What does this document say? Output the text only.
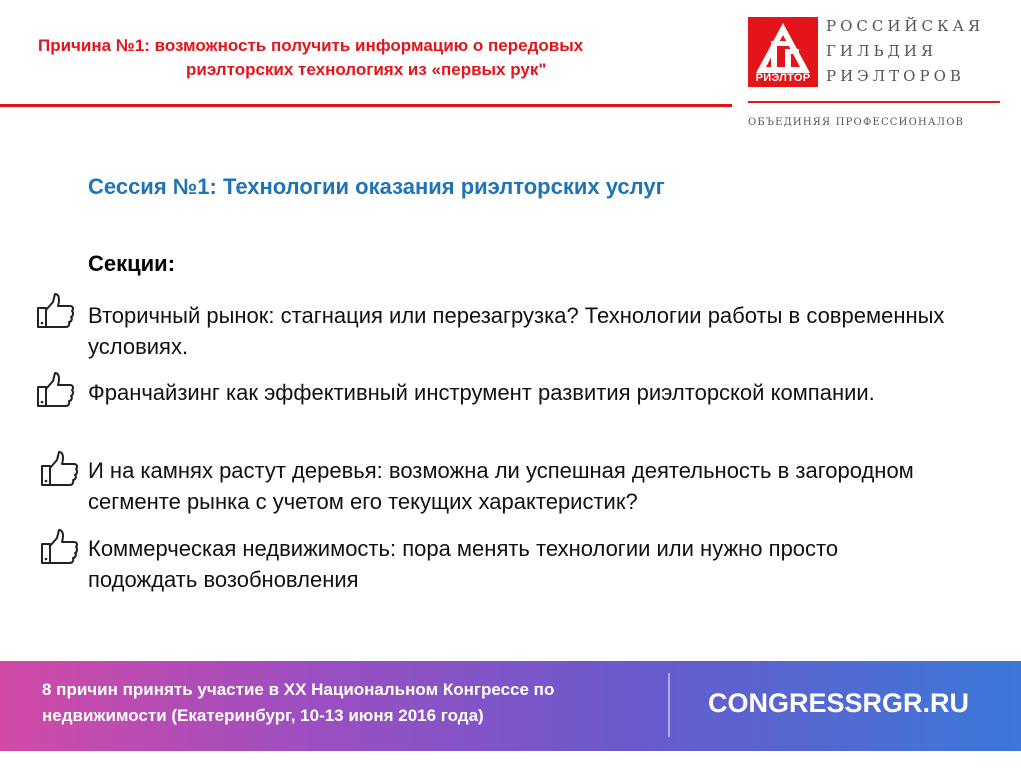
Причина №1: возможность получить информацию о передовых
риэлторских технологиях из «первых рук"	РИЭЛТОР
РОССИЙСКАЯ
ГИЛЬДИЯ
РИЭЛТОРОВ
ОБЪЕДИНЯЯ ПРОФЕССИОНАЛОВ
Сессия №1: Технологии оказания риэлторских услуг
Секции:
Вторичный рынок: стагнация или перезагрузка? Технологии работы в современных условиях.
Франчайзинг как эффективный инструмент развития риэлторской компании.
И на камнях растут деревья: возможна ли успешная деятельность в загородном сегменте рынка с учетом его текущих характеристик?
Коммерческая недвижимость: пора менять технологии или нужно просто подождать возобновления
8 причин принять участие в XX Национальном Конгрессе по
недвижимости (Екатеринбург, 10-13 июня 2016 года)	CONGRESSRGR.RU
